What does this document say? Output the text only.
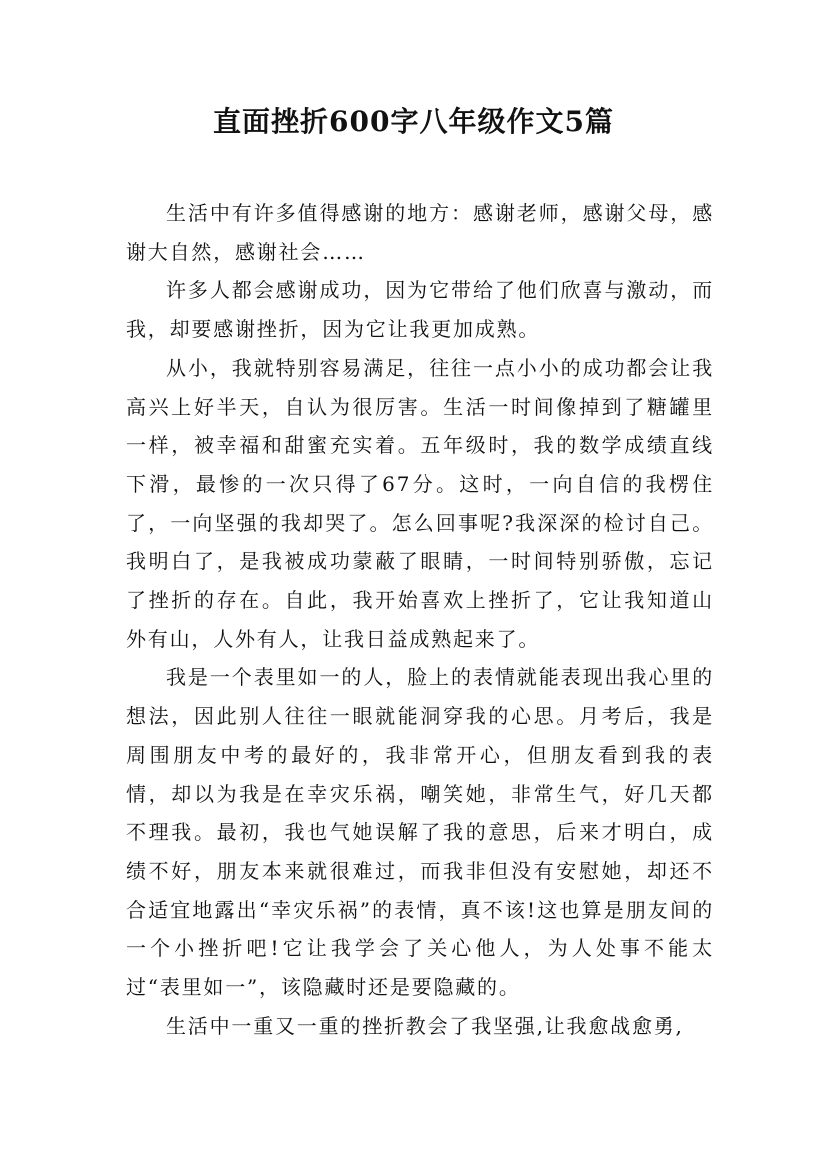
直面挫折600字八年级作文5篇

生活中有许多值得感谢的地方：感谢老师，感谢父母，感谢大自然，感谢社会……

许多人都会感谢成功，因为它带给了他们欣喜与激动，而我，却要感谢挫折，因为它让我更加成熟。

从小，我就特别容易满足，往往一点小小的成功都会让我高兴上好半天，自认为很厉害。生活一时间像掉到了糖罐里一样，被幸福和甜蜜充实着。五年级时，我的数学成绩直线下滑，最惨的一次只得了67分。这时，一向自信的我楞住了，一向坚强的我却哭了。怎么回事呢?我深深的检讨自己。我明白了，是我被成功蒙蔽了眼睛，一时间特别骄傲，忘记了挫折的存在。自此，我开始喜欢上挫折了，它让我知道山外有山，人外有人，让我日益成熟起来了。

我是一个表里如一的人，脸上的表情就能表现出我心里的想法，因此别人往往一眼就能洞穿我的心思。月考后，我是周围朋友中考的最好的，我非常开心，但朋友看到我的表情，却以为我是在幸灾乐祸，嘲笑她，非常生气，好几天都不理我。最初，我也气她误解了我的意思，后来才明白，成绩不好，朋友本来就很难过，而我非但没有安慰她，却还不合适宜地露出“幸灾乐祸”的表情，真不该!这也算是朋友间的一个小挫折吧!它让我学会了关心他人，为人处事不能太过“表里如一”，该隐藏时还是要隐藏的。

生活中一重又一重的挫折教会了我坚强,让我愈战愈勇,
